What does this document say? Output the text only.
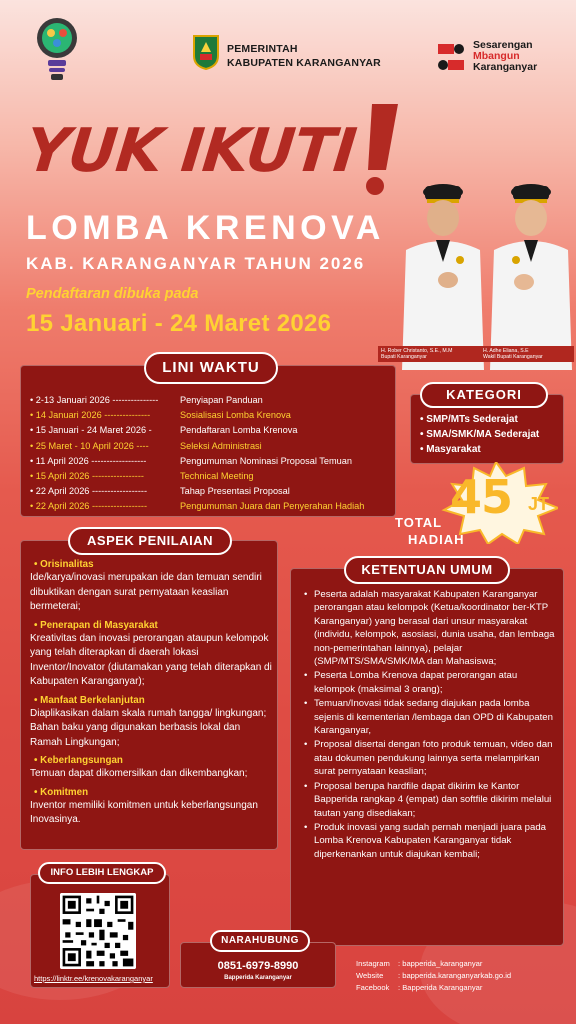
PEMERINTAH
KABUPATEN KARANGANYAR
Sesarengan
Mbangun
Karanganyar
YUK IKUTI
LOMBA KRENOVA
KAB. KARANGANYAR TAHUN 2026
Pendaftaran dibuka pada
15 Januari - 24 Maret 2026
H. Rober Christanto, S.E., M.M
Bupati Karanganyar
H. Adhe Eliana, S.E
Wakil Bupati Karanganyar
LINI WAKTU
• 2-13 Januari 2026 ---------------	Penyiapan Panduan
• 14 Januari 2026 ---------------	Sosialisasi Lomba Krenova
• 15 Januari - 24 Maret 2026 -	Pendaftaran Lomba Krenova
• 25 Maret - 10 April 2026 ----	Seleksi Administrasi
• 11 April 2026 ------------------	Pengumuman Nominasi Proposal Temuan
• 15 April 2026 -----------------	Technical Meeting
• 22 April 2026 ------------------	Tahap Presentasi Proposal
• 22 April 2026 ------------------	Pengumuman Juara dan Penyerahan Hadiah
KATEGORI
• SMP/MTs Sederajat
• SMA/SMK/MA Sederajat
• Masyarakat
45 JT
TOTAL
HADIAH
ASPEK PENILAIAN
• Orisinalitas
Ide/karya/inovasi merupakan ide dan temuan sendiri dibuktikan dengan surat pernyataan keaslian bermeterai;
• Penerapan di Masyarakat
Kreativitas dan inovasi perorangan ataupun kelompok yang telah diterapkan di daerah lokasi Inventor/Inovator (diutamakan yang telah diterapkan di Kabupaten Karanganyar);
• Manfaat Berkelanjutan
Diaplikasikan dalam skala rumah tangga/ lingkungan; Bahan baku yang digunakan berbasis lokal dan Ramah Lingkungan;
• Keberlangsungan
Temuan dapat dikomersilkan dan dikembangkan;
• Komitmen
Inventor memiliki komitmen untuk keberlangsungan Inovasinya.
KETENTUAN UMUM
• Peserta adalah masyarakat Kabupaten Karanganyar perorangan atau kelompok (Ketua/koordinator ber-KTP Karanganyar) yang berasal dari unsur masyarakat (individu, kelompok, asosiasi, dunia usaha, dan lembaga non-pemerintahan lainnya), pelajar (SMP/MTS/SMA/SMK/MA dan Mahasiswa;
• Peserta Lomba Krenova dapat perorangan atau kelompok (maksimal 3 orang);
• Temuan/Inovasi tidak sedang diajukan pada lomba sejenis di kementerian /lembaga dan OPD di Kabupaten Karanganyar,
• Proposal disertai dengan foto produk temuan, video dan atau dokumen pendukung lainnya serta melampirkan surat pernyataan keaslian;
• Proposal berupa hardfile dapat dikirim ke Kantor Bapperida rangkap 4 (empat) dan softfile dikirim melalui tautan yang disediakan;
• Produk inovasi yang sudah pernah menjadi juara pada Lomba Krenova Kabupaten Karanganyar tidak diperkenankan untuk diajukan kembali;
INFO LEBIH LENGKAP
https://linktr.ee/krenovakaranganyar
NARAHUBUNG
0851-6979-8990
Bapperida Karanganyar
Instagram : bapperida_karanganyar
Website : bapperida.karanganyarkab.go.id
Facebook : Bapperida Karanganyar
